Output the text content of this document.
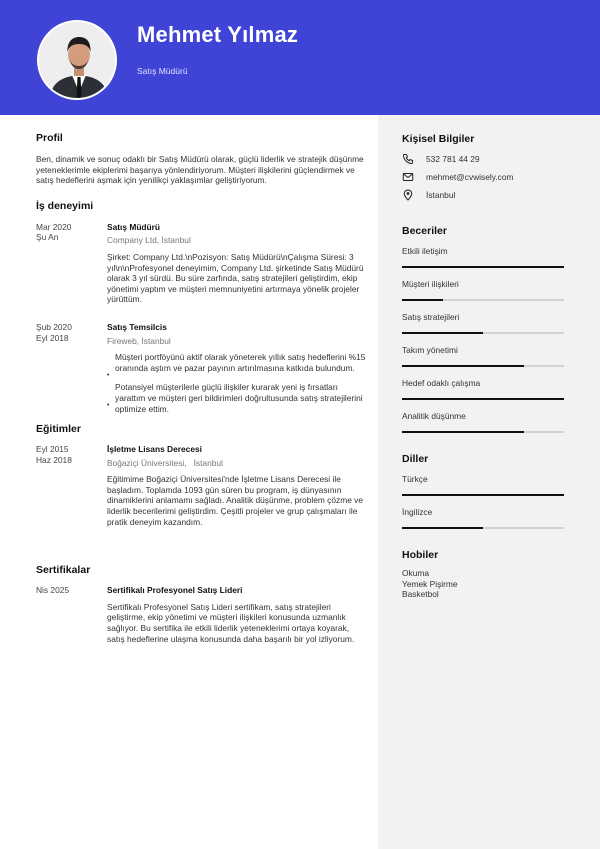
Mehmet Yılmaz
Satış Müdürü
Profil

Ben, dinamik ve sonuç odaklı bir Satış Müdürü olarak, güçlü liderlik ve stratejik düşünme yeteneklerimle ekiplerimi başarıya yönlendiriyorum. Müşteri ilişkilerini güçlendirmek ve satış hedeflerini aşmak için yenilikçi yaklaşımlar geliştiriyorum.

İş deneyimi
Mar 2020
Şu An
Satış Müdürü
Company Ltd, İstanbul
Şirket: Company Ltd.\nPozisyon: Satış Müdürü\nÇalışma Süresi: 3 yıl\n\nProfesyonel deneyimim, Company Ltd. şirketinde Satış Müdürü olarak 3 yıl sürdü. Bu süre zarfında, satış stratejileri geliştirdim, ekip yönetimi yaptım ve müşteri memnuniyetini artırmaya yönelik projeler yürüttüm.
Şub 2020
Eyl 2018
Satış Temsilcis
Fireweb, İstanbul
• Müşteri portföyünü aktif olarak yöneterek yıllık satış hedeflerini %15 oranında aştım ve pazar payının artırılmasına katkıda bulundum.
• Potansiyel müşterilerle güçlü ilişkiler kurarak yeni iş fırsatları yarattım ve müşteri geri bildirimleri doğrultusunda satış stratejilerini optimize ettim.
Eğitimler
Eyl 2015
Haz 2018
İşletme Lisans Derecesi
Boğaziçi Üniversitesi,   İstanbul
Eğitimime Boğaziçi Üniversitesi'nde İşletme Lisans Derecesi ile başladım. Toplamda 1093 gün süren bu program, iş dünyasının dinamiklerini anlamamı sağladı. Analitik düşünme, problem çözme ve liderlik becerilerimi geliştirdim. Çeşitli projeler ve grup çalışmaları ile pratik deneyim kazandım.
Sertifikalar
Nis 2025	Sertifikalı Profesyonel Satış Lideri
Sertifikalı Profesyonel Satış Lideri sertifikam, satış stratejileri geliştirme, ekip yönetimi ve müşteri ilişkileri konusunda uzmanlık sağlıyor. Bu sertifika ile etkili liderlik yeteneklerimi ortaya koyarak, satış hedeflerine ulaşma konusunda daha başarılı bir yol izliyorum.
Kişisel Bilgiler
532 781 44 29
mehmet@cvwisely.com
İstanbul
Beceriler
Etkili iletişim
Müşteri ilişkileri
Satış stratejileri
Takım yönetimi
Hedef odaklı çalışma
Analitik düşünme
Diller
Türkçe
İngilizce
Hobiler
Okuma
Yemek Pişirme
Basketbol
